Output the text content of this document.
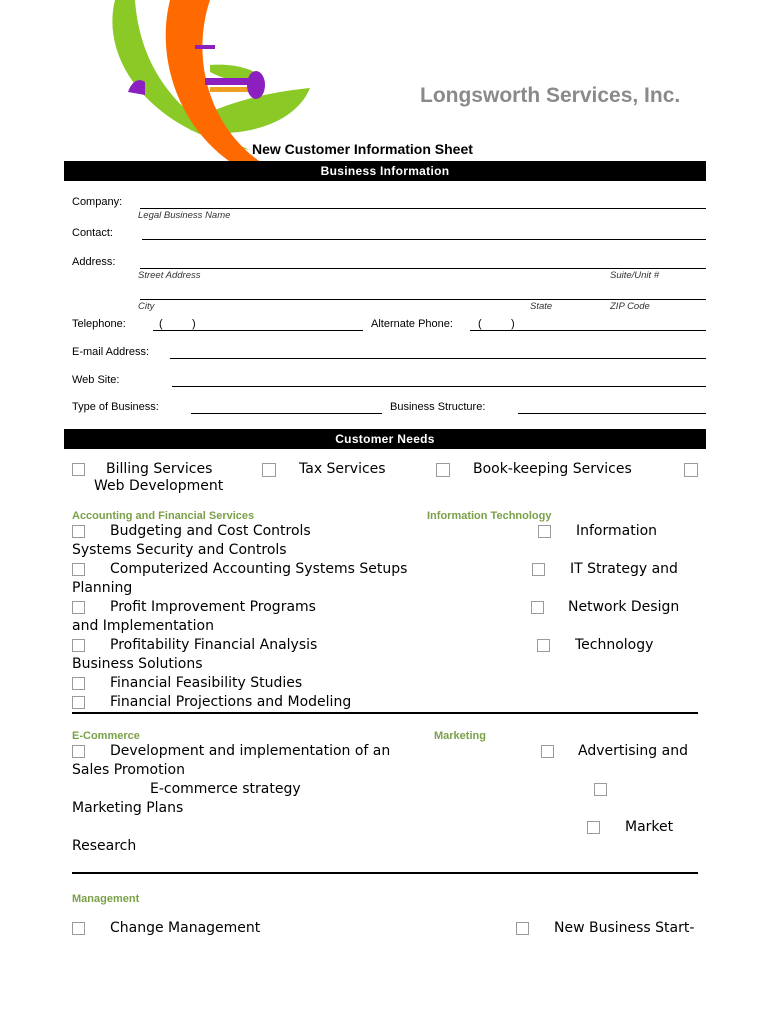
Longsworth Services, Inc.
New Customer Information Sheet
Business Information
Company:
Legal Business Name
Contact:
Address:
Street Address	Suite/Unit #
City	State	ZIP Code
Telephone:	(	)	Alternate Phone: (	)
E-mail Address:
Web Site:
Type of Business:	Business Structure:
Customer Needs
Billing Services	Tax Services	Book-keeping Services
Web Development
Accounting and Financial Services	Information Technology
Budgeting and Cost Controls	Information
Systems Security and Controls
Computerized Accounting Systems Setups	IT Strategy and
Planning
Profit Improvement Programs	Network Design
and Implementation
Profitability Financial Analysis	Technology
Business Solutions
Financial Feasibility Studies
Financial Projections and Modeling
E-Commerce	Marketing
Development and implementation of an	Advertising and
Sales Promotion
E-commerce strategy
Marketing Plans
Market
Research
Management
Change Management	New Business Start-
